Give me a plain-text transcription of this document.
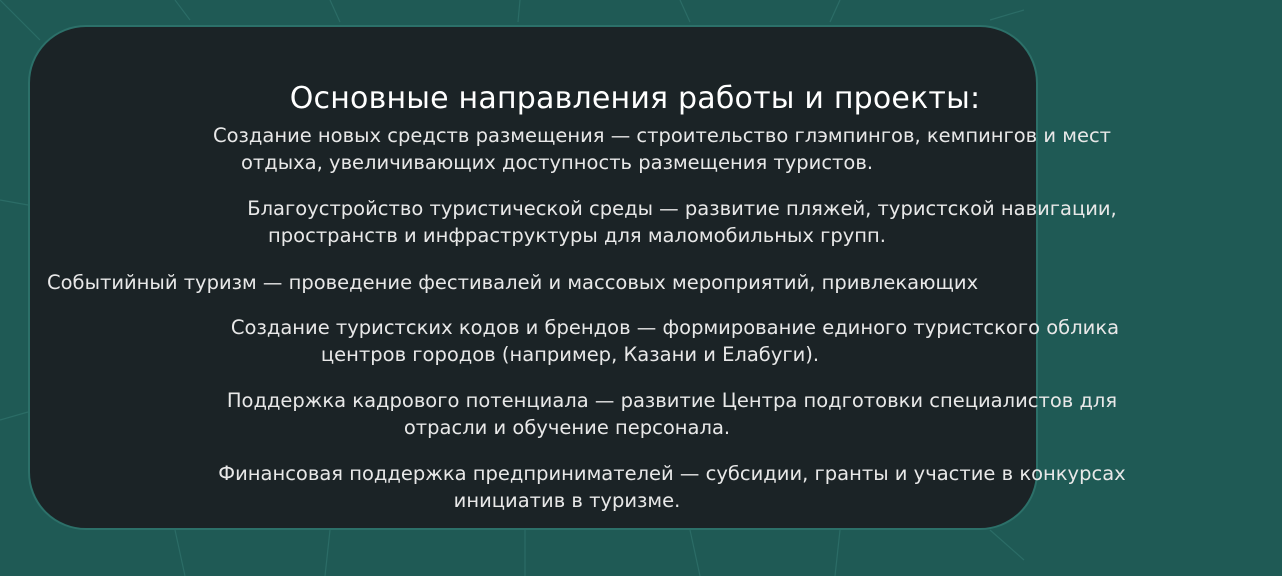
Основные направления работы и проекты:
Создание новых средств размещения — строительство глэмпингов, кемпингов и мест
отдыха, увеличивающих доступность размещения туристов.
Благоустройство туристической среды — развитие пляжей, туристской навигации,
пространств и инфраструктуры для маломобильных групп.
Событийный туризм — проведение фестивалей и массовых мероприятий, привлекающих
Создание туристских кодов и брендов — формирование единого туристского облика
центров городов (например, Казани и Елабуги).
Поддержка кадрового потенциала — развитие Центра подготовки специалистов для
отрасли и обучение персонала.
Финансовая поддержка предпринимателей — субсидии, гранты и участие в конкурсах
инициатив в туризме.
